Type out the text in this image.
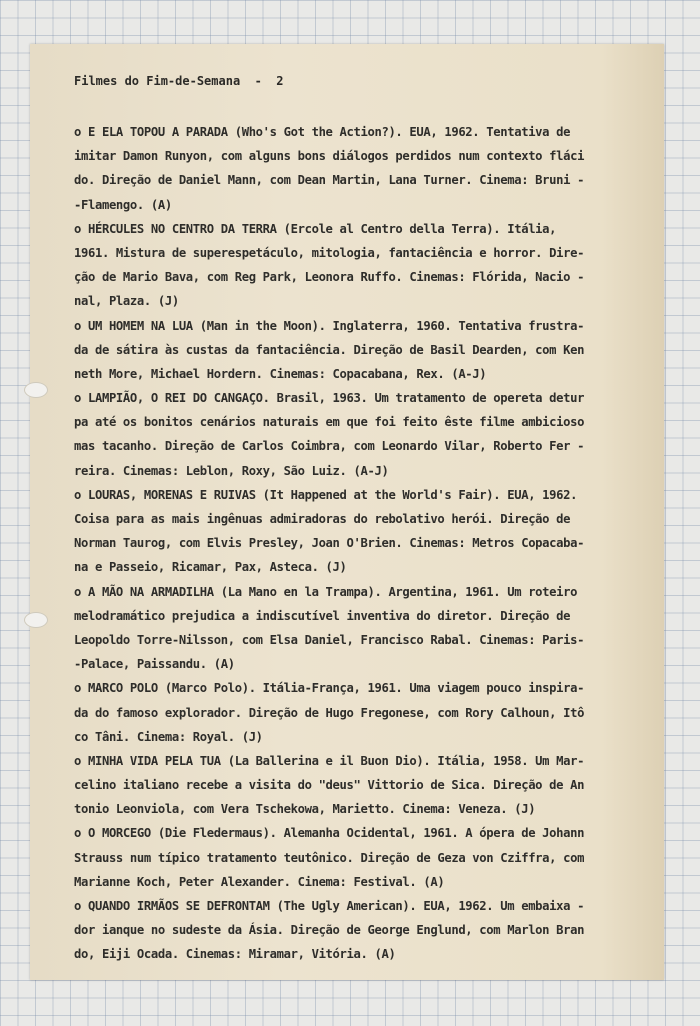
Filmes do Fim-de-Semana  -  2
o E ELA TOPOU A PARADA (Who's Got the Action?). EUA, 1962. Tentativa de
imitar Damon Runyon, com alguns bons diálogos perdidos num contexto fláci
do. Direção de Daniel Mann, com Dean Martin, Lana Turner. Cinema: Bruni -
-Flamengo. (A)
o HÉRCULES NO CENTRO DA TERRA (Ercole al Centro della Terra). Itália,
1961. Mistura de superespetáculo, mitologia, fantaciência e horror. Dire-
ção de Mario Bava, com Reg Park, Leonora Ruffo. Cinemas: Flórida, Nacio -
nal, Plaza. (J)
o UM HOMEM NA LUA (Man in the Moon). Inglaterra, 1960. Tentativa frustra-
da de sátira às custas da fantaciência. Direção de Basil Dearden, com Ken
neth More, Michael Hordern. Cinemas: Copacabana, Rex. (A-J)
o LAMPIÃO, O REI DO CANGAÇO. Brasil, 1963. Um tratamento de opereta detur
pa até os bonitos cenários naturais em que foi feito êste filme ambicioso
mas tacanho. Direção de Carlos Coimbra, com Leonardo Vilar, Roberto Fer -
reira. Cinemas: Leblon, Roxy, São Luiz. (A-J)
o LOURAS, MORENAS E RUIVAS (It Happened at the World's Fair). EUA, 1962.
Coisa para as mais ingênuas admiradoras do rebolativo herói. Direção de
Norman Taurog, com Elvis Presley, Joan O'Brien. Cinemas: Metros Copacaba-
na e Passeio, Ricamar, Pax, Asteca. (J)
o A MÃO NA ARMADILHA (La Mano en la Trampa). Argentina, 1961. Um roteiro
melodramático prejudica a indiscutível inventiva do diretor. Direção de
Leopoldo Torre-Nilsson, com Elsa Daniel, Francisco Rabal. Cinemas: Paris-
-Palace, Paissandu. (A)
o MARCO POLO (Marco Polo). Itália-França, 1961. Uma viagem pouco inspira-
da do famoso explorador. Direção de Hugo Fregonese, com Rory Calhoun, Itô
co Tâni. Cinema: Royal. (J)
o MINHA VIDA PELA TUA (La Ballerina e il Buon Dio). Itália, 1958. Um Mar-
celino italiano recebe a visita do "deus" Vittorio de Sica. Direção de An
tonio Leonviola, com Vera Tschekowa, Marietto. Cinema: Veneza. (J)
o O MORCEGO (Die Fledermaus). Alemanha Ocidental, 1961. A ópera de Johann
Strauss num típico tratamento teutônico. Direção de Geza von Cziffra, com
Marianne Koch, Peter Alexander. Cinema: Festival. (A)
o QUANDO IRMÃOS SE DEFRONTAM (The Ugly American). EUA, 1962. Um embaixa -
dor ianque no sudeste da Ásia. Direção de George Englund, com Marlon Bran
do, Eiji Ocada. Cinemas: Miramar, Vitória. (A)
